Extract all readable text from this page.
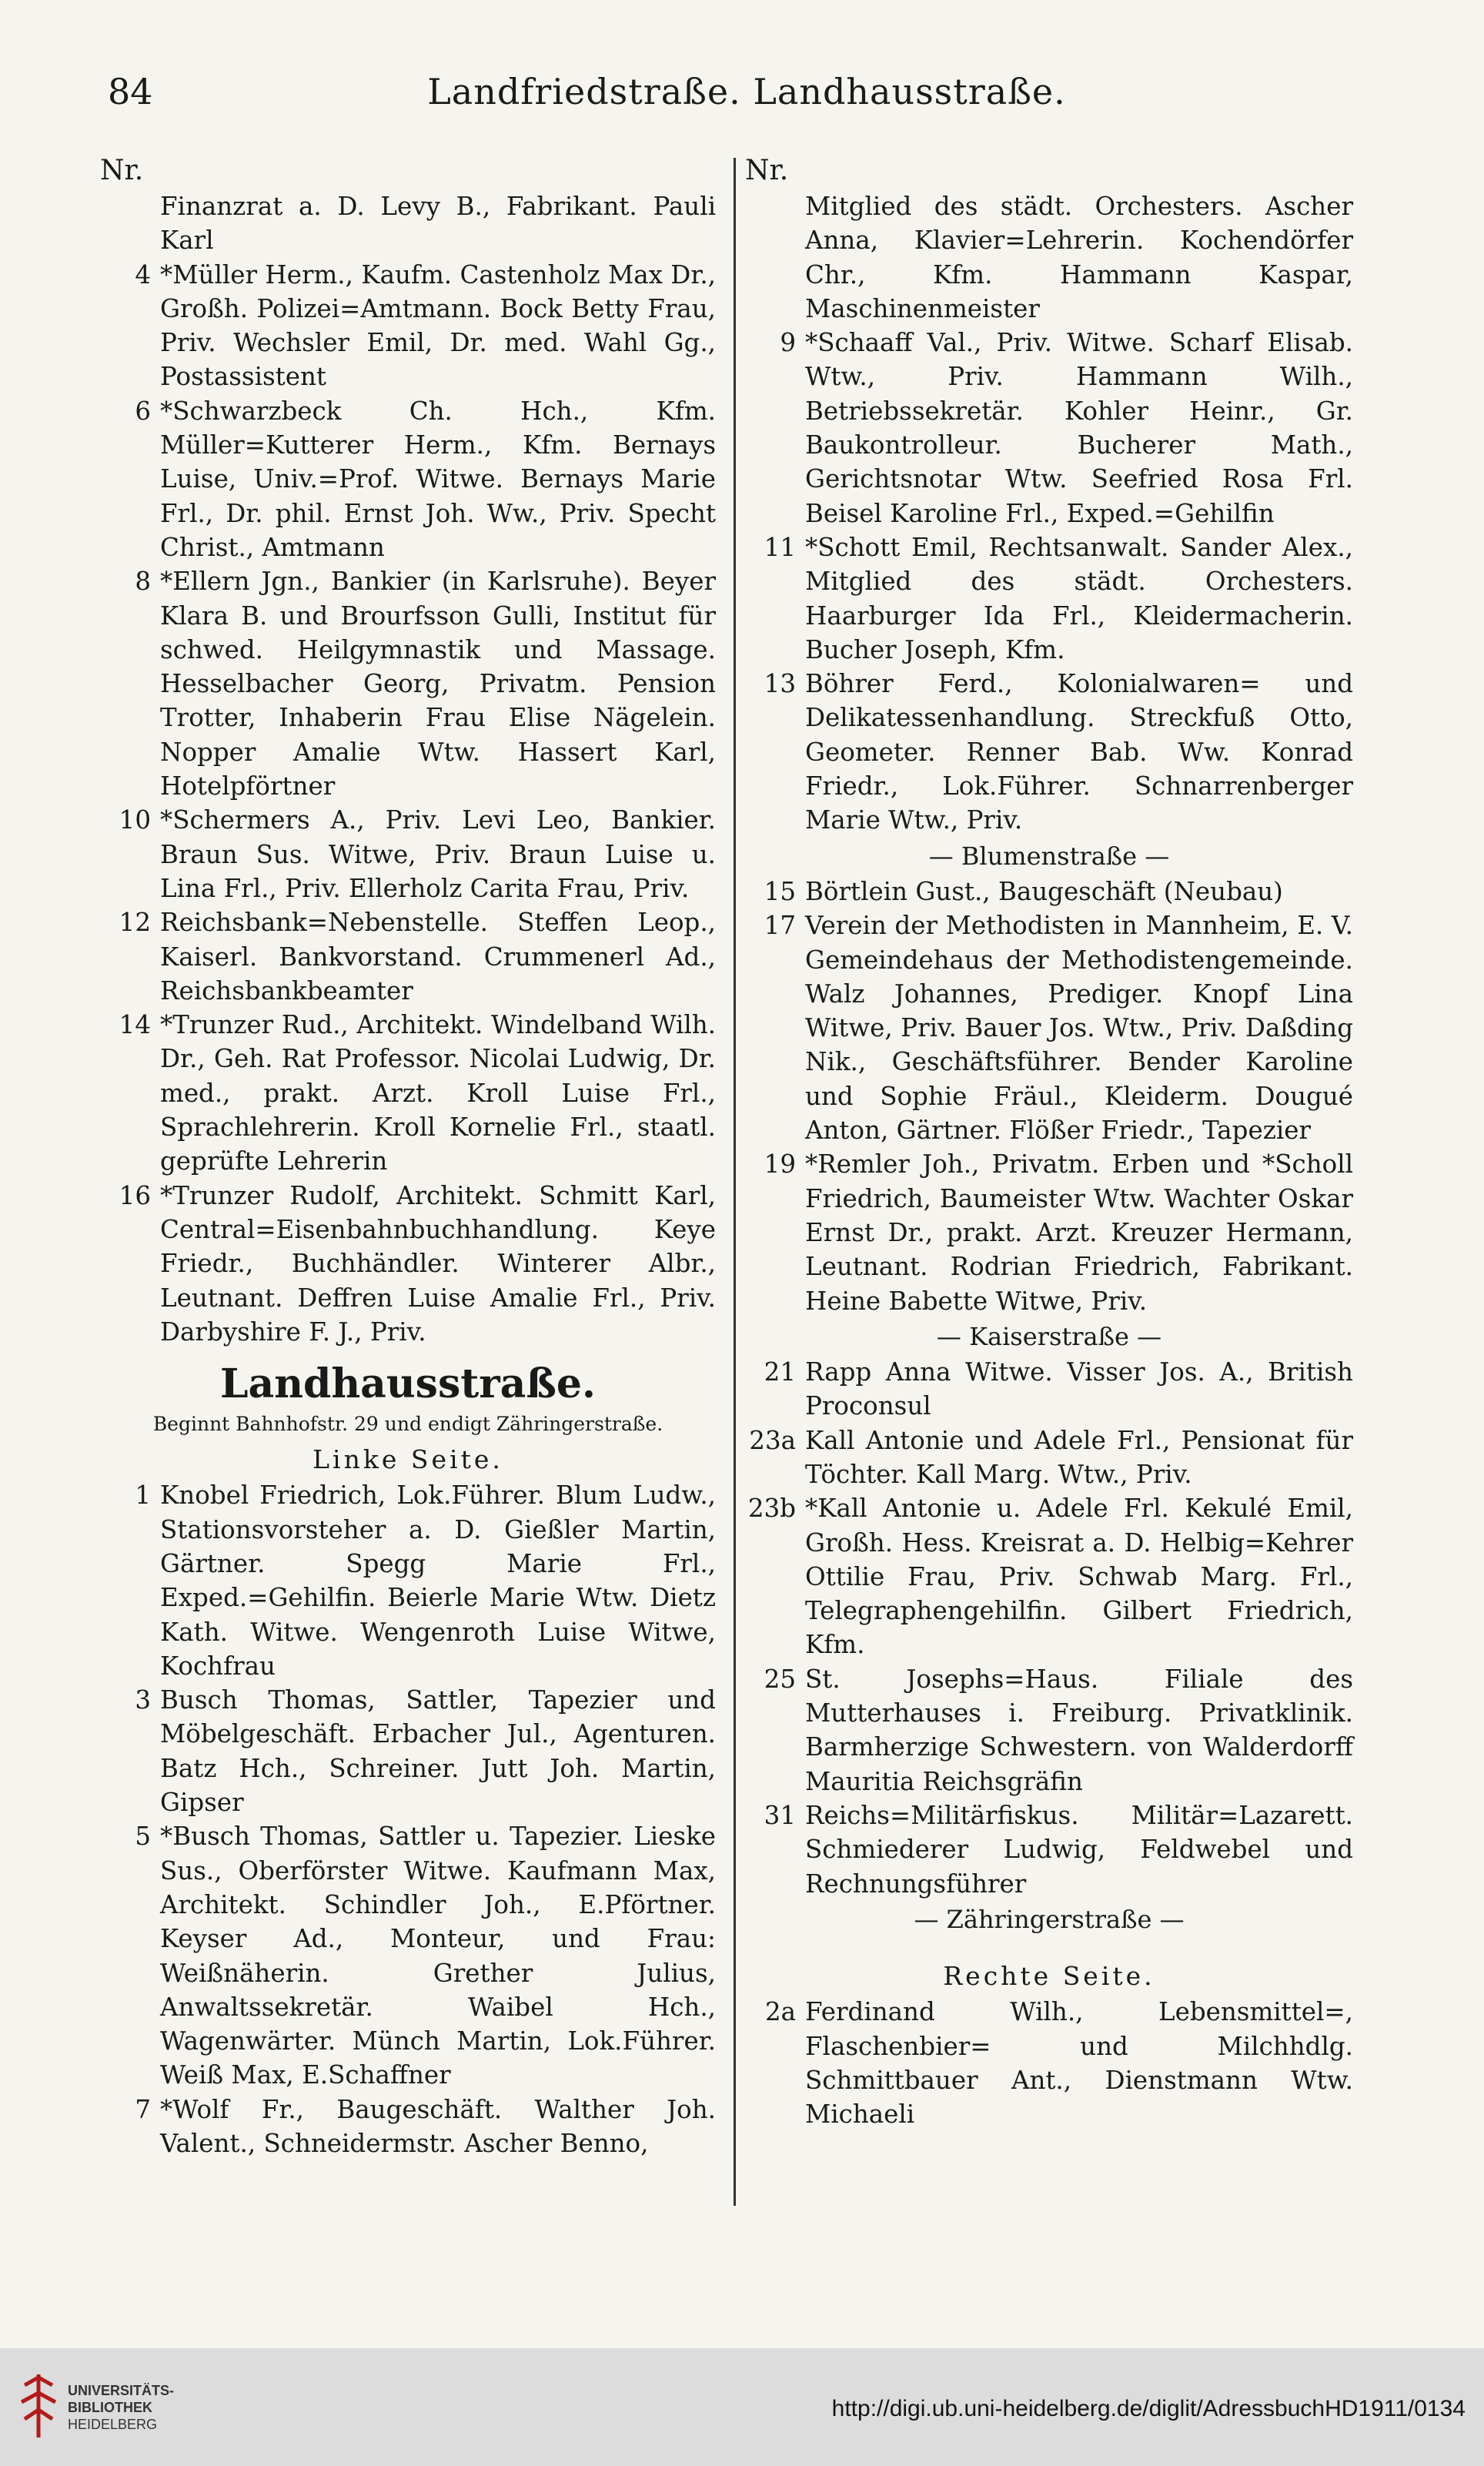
84	Landfriedstraße. Landhausstraße.
Nr.
Finanzrat a. D. Levy B., Fabrikant. Pauli Karl
4 *Müller Herm., Kaufm. Castenholz Max Dr., Großh. Polizei=Amtmann. Bock Betty Frau, Priv. Wechsler Emil, Dr. med. Wahl Gg., Postassistent
6 *Schwarzbeck Ch. Hch., Kfm. Müller=Kutterer Herm., Kfm. Bernays Luise, Univ.=Prof. Witwe. Bernays Marie Frl., Dr. phil. Ernst Joh. Ww., Priv. Specht Christ., Amtmann
8 *Ellern Jgn., Bankier (in Karlsruhe). Beyer Klara B. und Brourfsson Gulli, Institut für schwed. Heilgymnastik und Massage. Hesselbacher Georg, Privatm. Pension Trotter, Inhaberin Frau Elise Nägelein. Nopper Amalie Wtw. Hassert Karl, Hotelpförtner
10 *Schermers A., Priv. Levi Leo, Bankier. Braun Sus. Witwe, Priv. Braun Luise u. Lina Frl., Priv. Ellerholz Carita Frau, Priv.
12 Reichsbank=Nebenstelle. Steffen Leop., Kaiserl. Bankvorstand. Crummenerl Ad., Reichsbankbeamter
14 *Trunzer Rud., Architekt. Windelband Wilh. Dr., Geh. Rat Professor. Nicolai Ludwig, Dr. med., prakt. Arzt. Kroll Luise Frl., Sprachlehrerin. Kroll Kornelie Frl., staatl. geprüfte Lehrerin
16 *Trunzer Rudolf, Architekt. Schmitt Karl, Central=Eisenbahnbuchhandlung. Keye Friedr., Buchhändler. Winterer Albr., Leutnant. Deffren Luise Amalie Frl., Priv. Darbyshire F. J., Priv.
Landhausstraße.
Beginnt Bahnhofstr. 29 und endigt Zähringerstraße.
Linke Seite.
1 Knobel Friedrich, Lok.Führer. Blum Ludw., Stationsvorsteher a. D. Gießler Martin, Gärtner. Spegg Marie Frl., Exped.=Gehilfin. Beierle Marie Wtw. Dietz Kath. Witwe. Wengenroth Luise Witwe, Kochfrau
3 Busch Thomas, Sattler, Tapezier und Möbelgeschäft. Erbacher Jul., Agenturen. Batz Hch., Schreiner. Jutt Joh. Martin, Gipser
5 *Busch Thomas, Sattler u. Tapezier. Lieske Sus., Oberförster Witwe. Kaufmann Max, Architekt. Schindler Joh., E.Pförtner. Keyser Ad., Monteur, und Frau: Weißnäherin. Grether Julius, Anwaltssekretär. Waibel Hch., Wagenwärter. Münch Martin, Lok.Führer. Weiß Max, E.Schaffner
7 *Wolf Fr., Baugeschäft. Walther Joh. Valent., Schneidermstr. Ascher Benno,
Nr.
Mitglied des städt. Orchesters. Ascher Anna, Klavier=Lehrerin. Kochendörfer Chr., Kfm. Hammann Kaspar, Maschinenmeister
9 *Schaaff Val., Priv. Witwe. Scharf Elisab. Wtw., Priv. Hammann Wilh., Betriebssekretär. Kohler Heinr., Gr. Baukontrolleur. Bucherer Math., Gerichtsnotar Wtw. Seefried Rosa Frl. Beisel Karoline Frl., Exped.=Gehilfin
11 *Schott Emil, Rechtsanwalt. Sander Alex., Mitglied des städt. Orchesters. Haarburger Ida Frl., Kleidermacherin. Bucher Joseph, Kfm.
13 Böhrer Ferd., Kolonialwaren= und Delikatessenhandlung. Streckfuß Otto, Geometer. Renner Bab. Ww. Konrad Friedr., Lok.Führer. Schnarrenberger Marie Wtw., Priv.
— Blumenstraße —
15 Börtlein Gust., Baugeschäft (Neubau)
17 Verein der Methodisten in Mannheim, E. V. Gemeindehaus der Methodistengemeinde. Walz Johannes, Prediger. Knopf Lina Witwe, Priv. Bauer Jos. Wtw., Priv. Daßding Nik., Geschäftsführer. Bender Karoline und Sophie Fräul., Kleiderm. Dougué Anton, Gärtner. Flößer Friedr., Tapezier
19 *Remler Joh., Privatm. Erben und *Scholl Friedrich, Baumeister Wtw. Wachter Oskar Ernst Dr., prakt. Arzt. Kreuzer Hermann, Leutnant. Rodrian Friedrich, Fabrikant. Heine Babette Witwe, Priv.
— Kaiserstraße —
21 Rapp Anna Witwe. Visser Jos. A., British Proconsul
23a Kall Antonie und Adele Frl., Pensionat für Töchter. Kall Marg. Wtw., Priv.
23b *Kall Antonie u. Adele Frl. Kekulé Emil, Großh. Hess. Kreisrat a. D. Helbig=Kehrer Ottilie Frau, Priv. Schwab Marg. Frl., Telegraphengehilfin. Gilbert Friedrich, Kfm.
25 St. Josephs=Haus. Filiale des Mutterhauses i. Freiburg. Privatklinik. Barmherzige Schwestern. von Walderdorff Mauritia Reichsgräfin
31 Reichs=Militärfiskus. Militär=Lazarett. Schmiederer Ludwig, Feldwebel und Rechnungsführer
— Zähringerstraße —
Rechte Seite.
2a Ferdinand Wilh., Lebensmittel=, Flaschenbier= und Milchhdlg. Schmittbauer Ant., Dienstmann Wtw. Michaeli
UNIVERSITÄTS-
BIBLIOTHEK
HEIDELBERG
http://digi.ub.uni-heidelberg.de/diglit/AdressbuchHD1911/0134
